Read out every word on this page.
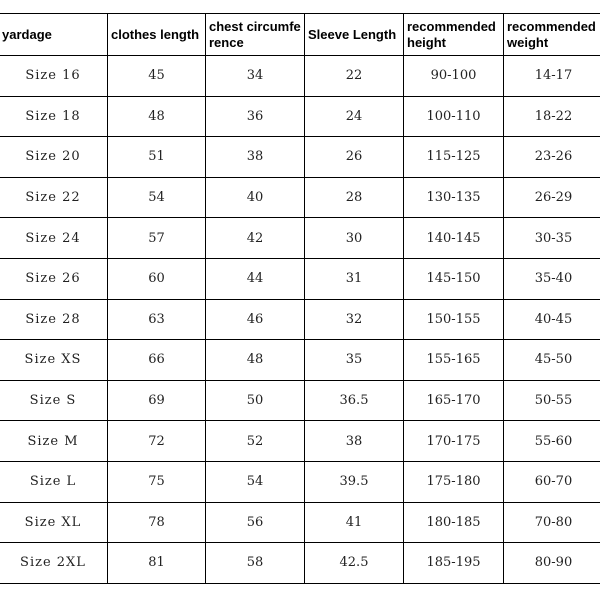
yardage	clothes length	chest circumference	Sleeve Length	recommended height	recommended weight
Size 16	45	34	22	90-100	14-17
Size 18	48	36	24	100-110	18-22
Size 20	51	38	26	115-125	23-26
Size 22	54	40	28	130-135	26-29
Size 24	57	42	30	140-145	30-35
Size 26	60	44	31	145-150	35-40
Size 28	63	46	32	150-155	40-45
Size XS	66	48	35	155-165	45-50
Size S	69	50	36.5	165-170	50-55
Size M	72	52	38	170-175	55-60
Size L	75	54	39.5	175-180	60-70
Size XL	78	56	41	180-185	70-80
Size 2XL	81	58	42.5	185-195	80-90
